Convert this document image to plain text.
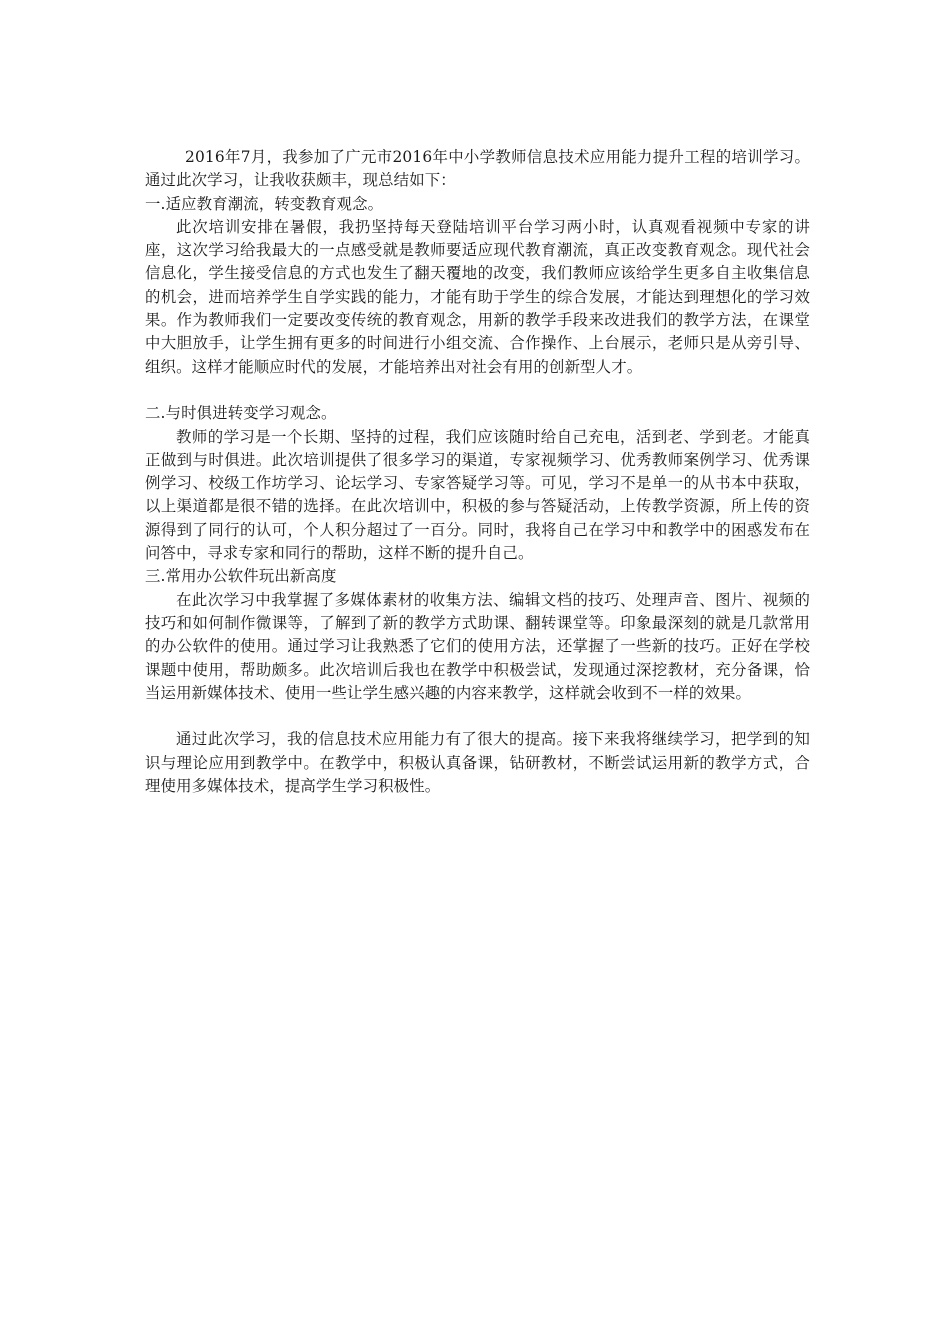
2016年7月，我参加了广元市2016年中小学教师信息技术应用能力提升工程的培训学习。通过此次学习，让我收获颇丰，现总结如下：

一.适应教育潮流，转变教育观念。

此次培训安排在暑假，我扔坚持每天登陆培训平台学习两小时，认真观看视频中专家的讲座，这次学习给我最大的一点感受就是教师要适应现代教育潮流，真正改变教育观念。现代社会信息化，学生接受信息的方式也发生了翻天覆地的改变，我们教师应该给学生更多自主收集信息的机会，进而培养学生自学实践的能力，才能有助于学生的综合发展，才能达到理想化的学习效果。作为教师我们一定要改变传统的教育观念，用新的教学手段来改进我们的教学方法，在课堂中大胆放手，让学生拥有更多的时间进行小组交流、合作操作、上台展示，老师只是从旁引导、组织。这样才能顺应时代的发展，才能培养出对社会有用的创新型人才。

二.与时俱进转变学习观念。

教师的学习是一个长期、坚持的过程，我们应该随时给自己充电，活到老、学到老。才能真正做到与时俱进。此次培训提供了很多学习的渠道，专家视频学习、优秀教师案例学习、优秀课例学习、校级工作坊学习、论坛学习、专家答疑学习等。可见，学习不是单一的从书本中获取，以上渠道都是很不错的选择。在此次培训中，积极的参与答疑活动，上传教学资源，所上传的资源得到了同行的认可，个人积分超过了一百分。同时，我将自己在学习中和教学中的困惑发布在问答中，寻求专家和同行的帮助，这样不断的提升自己。

三.常用办公软件玩出新高度

在此次学习中我掌握了多媒体素材的收集方法、编辑文档的技巧、处理声音、图片、视频的技巧和如何制作微课等，了解到了新的教学方式助课、翻转课堂等。印象最深刻的就是几款常用的办公软件的使用。通过学习让我熟悉了它们的使用方法，还掌握了一些新的技巧。正好在学校课题中使用，帮助颇多。此次培训后我也在教学中积极尝试，发现通过深挖教材，充分备课，恰当运用新媒体技术、使用一些让学生感兴趣的内容来教学，这样就会收到不一样的效果。

通过此次学习，我的信息技术应用能力有了很大的提高。接下来我将继续学习，把学到的知识与理论应用到教学中。在教学中，积极认真备课，钻研教材，不断尝试运用新的教学方式，合理使用多媒体技术，提高学生学习积极性。
